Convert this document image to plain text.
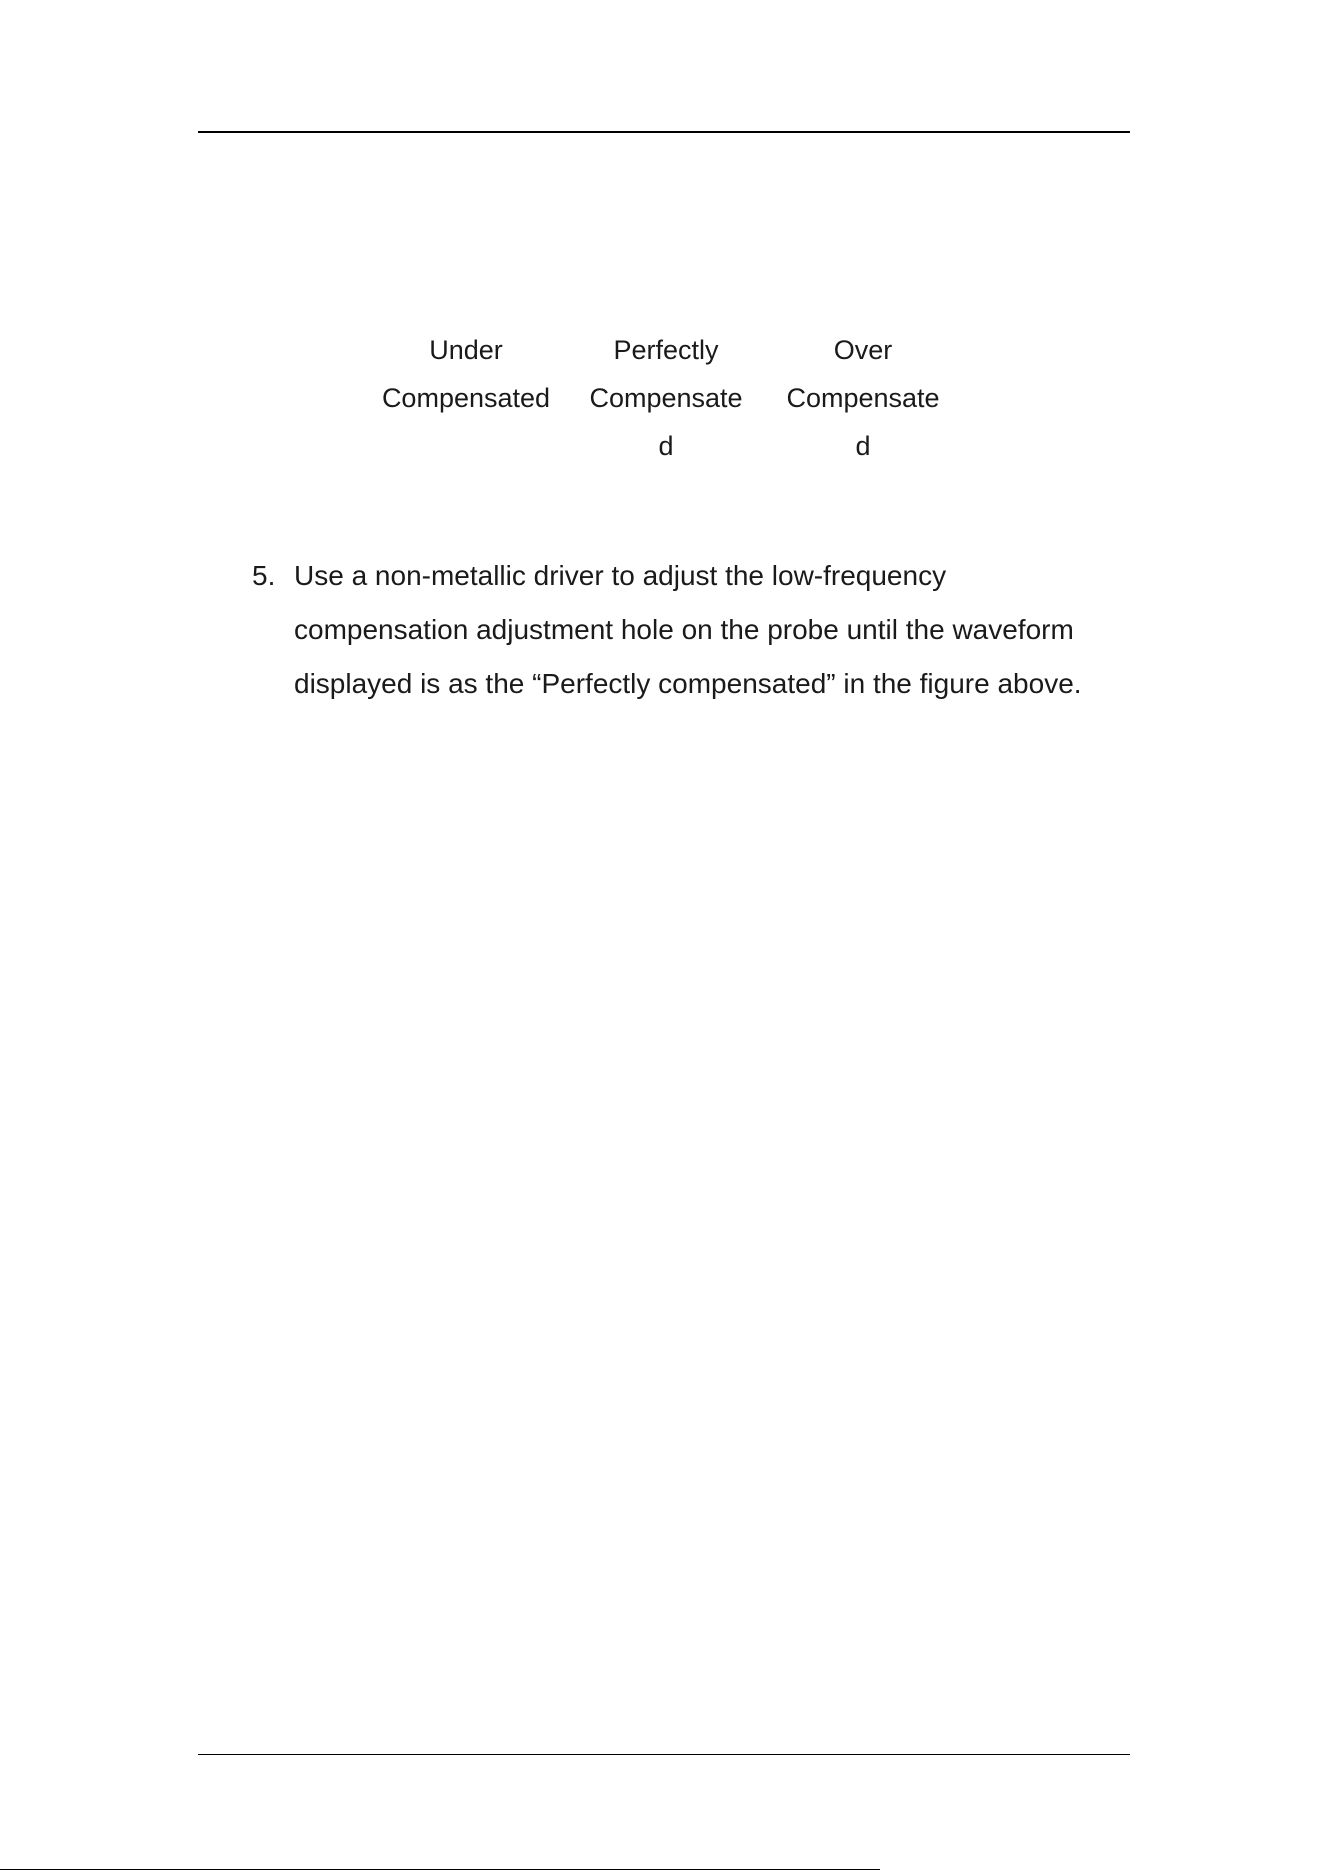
Under
Compensated
Perfectly
Compensate
d
Over
Compensate
d
5. Use a non-metallic driver to adjust the low-frequency
compensation adjustment hole on the probe until the waveform
displayed is as the “Perfectly compensated” in the figure above.
